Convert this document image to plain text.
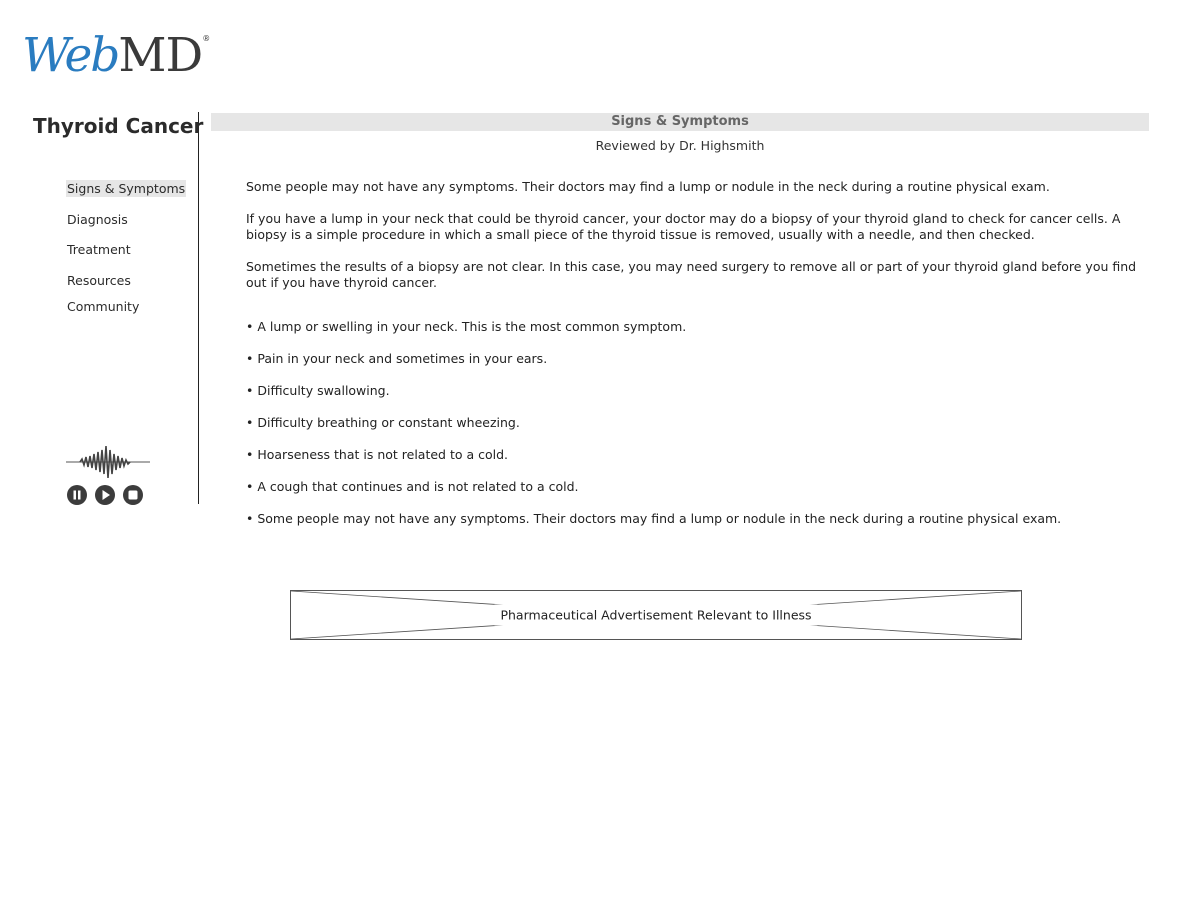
WebMD®
Thyroid Cancer
Signs & Symptoms
Diagnosis
Treatment
Resources
Community
Signs & Symptoms
Reviewed by Dr. Highsmith

Some people may not have any symptoms. Their doctors may find a lump or nodule in the neck during a routine physical exam.

If you have a lump in your neck that could be thyroid cancer, your doctor may do a biopsy of your thyroid gland to check for cancer cells. A biopsy is a simple procedure in which a small piece of the thyroid tissue is removed, usually with a needle, and then checked.

Sometimes the results of a biopsy are not clear. In this case, you may need surgery to remove all or part of your thyroid gland before you find out if you have thyroid cancer.

• A lump or swelling in your neck. This is the most common symptom.

• Pain in your neck and sometimes in your ears.

• Difficulty swallowing.

• Difficulty breathing or constant wheezing.

• Hoarseness that is not related to a cold.

• A cough that continues and is not related to a cold.

• Some people may not have any symptoms. Their doctors may find a lump or nodule in the neck during a routine physical exam.

Pharmaceutical Advertisement Relevant to Illness
